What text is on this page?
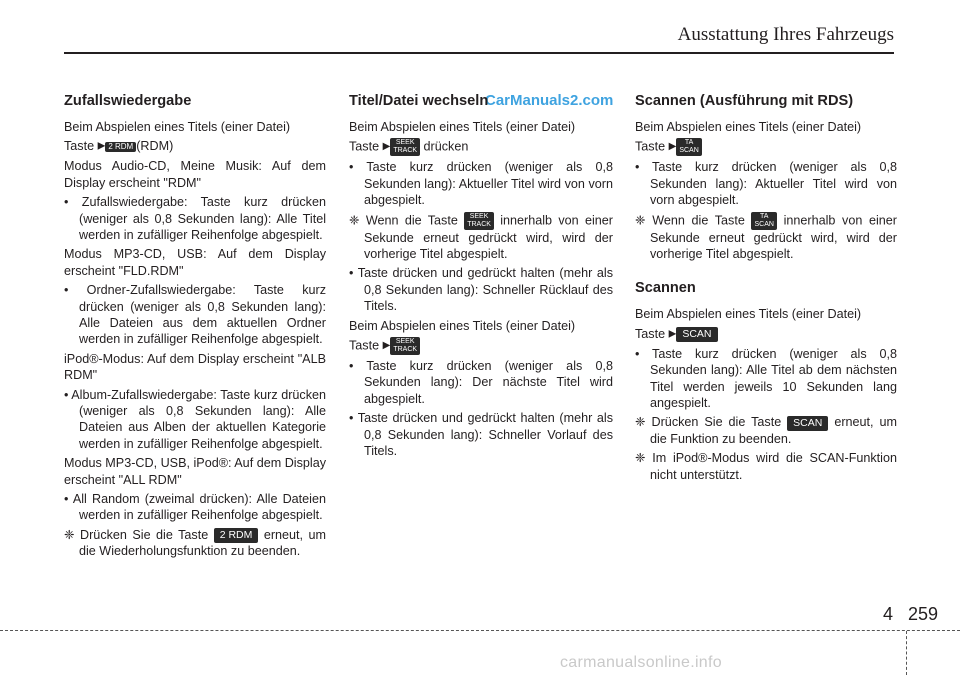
Ausstattung Ihres Fahrzeugs
CarManuals2.com
Zufallswiedergabe

Beim Abspielen eines Titels (einer Datei)

Taste ▶ 2 RDM (RDM)

Modus Audio-CD, Meine Musik: Auf dem Display erscheint "RDM"

• Zufallswiedergabe: Taste kurz drücken (weniger als 0,8 Sekunden lang): Alle Titel werden in zufälliger Reihenfolge abgespielt.

Modus MP3-CD, USB: Auf dem Display erscheint "FLD.RDM"

• Ordner-Zufallswiedergabe: Taste kurz drücken (weniger als 0,8 Sekunden lang): Alle Dateien aus dem aktuellen Ordner werden in zufälliger Reihenfolge abgespielt.

iPod®-Modus: Auf dem Display erscheint "ALB RDM"

• Album-Zufallswiedergabe: Taste kurz drücken (weniger als 0,8 Sekunden lang): Alle Dateien aus Alben der aktuellen Kategorie werden in zufälliger Reihenfolge abgespielt.

Modus MP3-CD, USB, iPod®: Auf dem Display erscheint "ALL RDM"

• All Random (zweimal drücken): Alle Dateien werden in zufälliger Reihenfolge abgespielt.

❈ Drücken Sie die Taste 2 RDM erneut, um die Wiederholungsfunktion zu beenden.

Titel/Datei wechseln

Beim Abspielen eines Titels (einer Datei)

Taste ▶ SEEK
TRACK drücken

• Taste kurz drücken (weniger als 0,8 Sekunden lang): Aktueller Titel wird von vorn abgespielt.

❈ Wenn die Taste SEEK
TRACK innerhalb von einer Sekunde erneut gedrückt wird, wird der vorherige Titel abgespielt.

• Taste drücken und gedrückt halten (mehr als 0,8 Sekunden lang): Schneller Rücklauf des Titels.

Beim Abspielen eines Titels (einer Datei)

Taste ▶ SEEK
TRACK

• Taste kurz drücken (weniger als 0,8 Sekunden lang): Der nächste Titel wird abgespielt.

• Taste drücken und gedrückt halten (mehr als 0,8 Sekunden lang): Schneller Vorlauf des Titels.

Scannen (Ausführung mit RDS)

Beim Abspielen eines Titels (einer Datei)

Taste ▶	TA
SCAN

• Taste kurz drücken (weniger als 0,8 Sekunden lang): Aktueller Titel wird von vorn abgespielt.

❈ Wenn die Taste	TA
SCAN innerhalb von einer Sekunde erneut gedrückt wird, wird der vorherige Titel abgespielt.

Scannen

Beim Abspielen eines Titels (einer Datei)

Taste ▶ SCAN

• Taste kurz drücken (weniger als 0,8 Sekunden lang): Alle Titel ab dem nächsten Titel werden jeweils 10 Sekunden lang angespielt.

❈ Drücken Sie die Taste SCAN erneut, um die Funktion zu beenden.

❈ Im iPod®-Modus wird die SCAN-Funktion nicht unterstützt.

4 259
carmanualsonline.info
